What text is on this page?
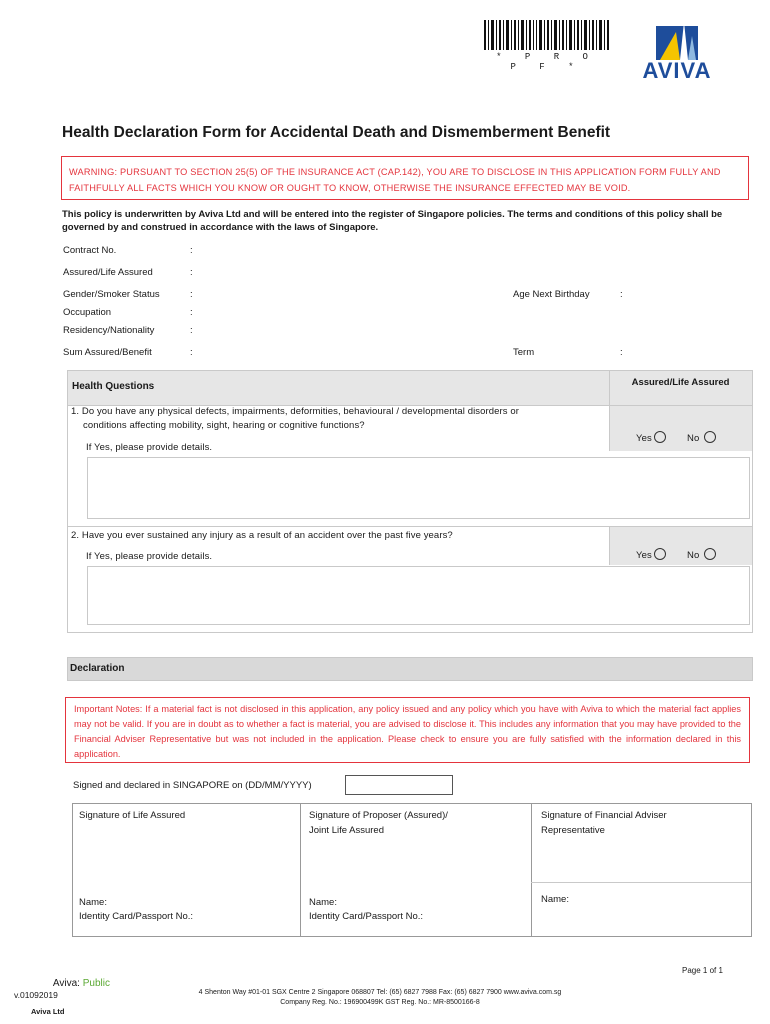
* P R O P F *	AVIVA
Health Declaration Form for Accidental Death and Dismemberment Benefit
WARNING: PURSUANT TO SECTION 25(5) OF THE INSURANCE ACT (CAP.142), YOU ARE TO DISCLOSE IN THIS APPLICATION FORM FULLY AND FAITHFULLY ALL FACTS WHICH YOU KNOW OR OUGHT TO KNOW, OTHERWISE THE INSURANCE EFFECTED MAY BE VOID.
This policy is underwritten by Aviva Ltd and will be entered into the register of Singapore policies. The terms and conditions of this policy shall be governed by and construed in accordance with the laws of Singapore.
Contract No.	:
Assured/Life Assured	:
Gender/Smoker Status	:	Age Next Birthday	:
Occupation	:
Residency/Nationality	:
Sum Assured/Benefit	:	Term	:
Health Questions	Assured/Life Assured
1. Do you have any physical defects, impairments, deformities, behavioural / developmental disorders or
conditions affecting mobility, sight, hearing or cognitive functions?
Yes	No
If Yes, please provide details.
2. Have you ever sustained any injury as a result of an accident over the past five years?
Yes	No
If Yes, please provide details.
Declaration
Important Notes: If a material fact is not disclosed in this application, any policy issued and any policy which you have with Aviva to which the material fact applies may not be valid. If you are in doubt as to whether a fact is material, you are advised to disclose it. This includes any information that you may have provided to the Financial Adviser Representative but was not included in the application. Please check to ensure you are fully satisfied with the information declared in this application.
Signed and declared in SINGAPORE on (DD/MM/YYYY)
Signature of Life Assured	Signature of Proposer (Assured)/
Joint Life Assured
Signature of Financial Adviser
Representative
Name:
Identity Card/Passport No.:
Name:
Identity Card/Passport No.:
Name:
Page 1 of 1
Aviva: Public
v.01092019	4 Shenton Way #01-01 SGX Centre 2 Singapore 068807 Tel: (65) 6827 7988 Fax: (65) 6827 7900 www.aviva.com.sg
Company Reg. No.: 196900499K GST Reg. No.: MR-8500166-8
Aviva Ltd
